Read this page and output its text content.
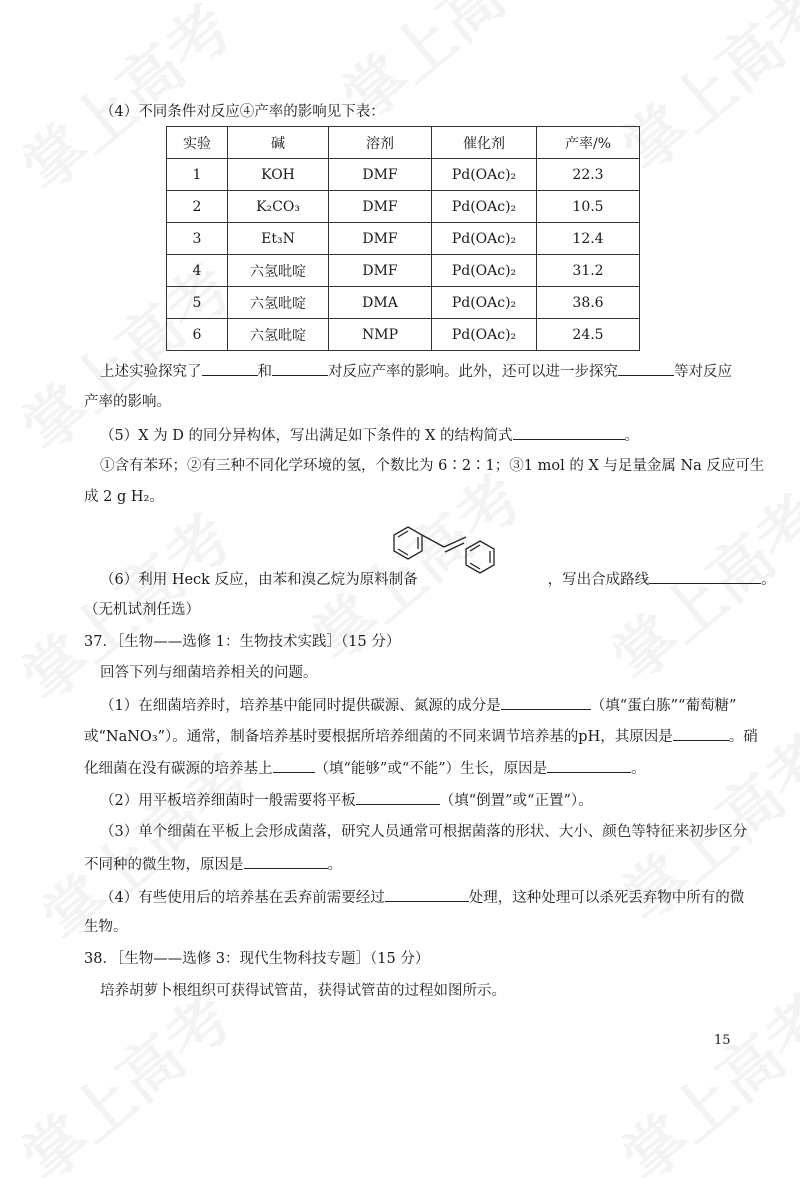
（4）不同条件对反应④产率的影响见下表：
实验	碱	溶剂	催化剂	产率/%
1	KOH	DMF	Pd(OAc)₂	22.3
2	K₂CO₃	DMF	Pd(OAc)₂	10.5
3	Et₃N	DMF	Pd(OAc)₂	12.4
4	六氢吡啶	DMF	Pd(OAc)₂	31.2
5	六氢吡啶	DMA	Pd(OAc)₂	38.6
6	六氢吡啶	NMP	Pd(OAc)₂	24.5
上述实验探究了	和	对反应产率的影响。此外，还可以进一步探究	等对反应
产率的影响。
（5）X 为 D 的同分异构体，写出满足如下条件的 X 的结构简式	。
①含有苯环；②有三种不同化学环境的氢，个数比为 6∶2∶1；③1 mol 的 X 与足量金属 Na 反应可生
成 2 g H₂。
（6）利用 Heck 反应，由苯和溴乙烷为原料制备	，写出合成路线	。
（无机试剂任选）
37．［生物——选修 1：生物技术实践］（15 分）
回答下列与细菌培养相关的问题。
（1）在细菌培养时，培养基中能同时提供碳源、氮源的成分是	（填“蛋白胨”“葡萄糖”
或“NaNO₃”）。通常，制备培养基时要根据所培养细菌的不同来调节培养基的pH，其原因是	。硝
化细菌在没有碳源的培养基上	（填“能够”或“不能”）生长，原因是	。
（2）用平板培养细菌时一般需要将平板	（填“倒置”或“正置”）。
（3）单个细菌在平板上会形成菌落，研究人员通常可根据菌落的形状、大小、颜色等特征来初步区分
不同种的微生物，原因是	。
（4）有些使用后的培养基在丢弃前需要经过	处理，这种处理可以杀死丢弃物中所有的微
生物。
38．［生物——选修 3：现代生物科技专题］（15 分）
培养胡萝卜根组织可获得试管苗，获得试管苗的过程如图所示。
15
